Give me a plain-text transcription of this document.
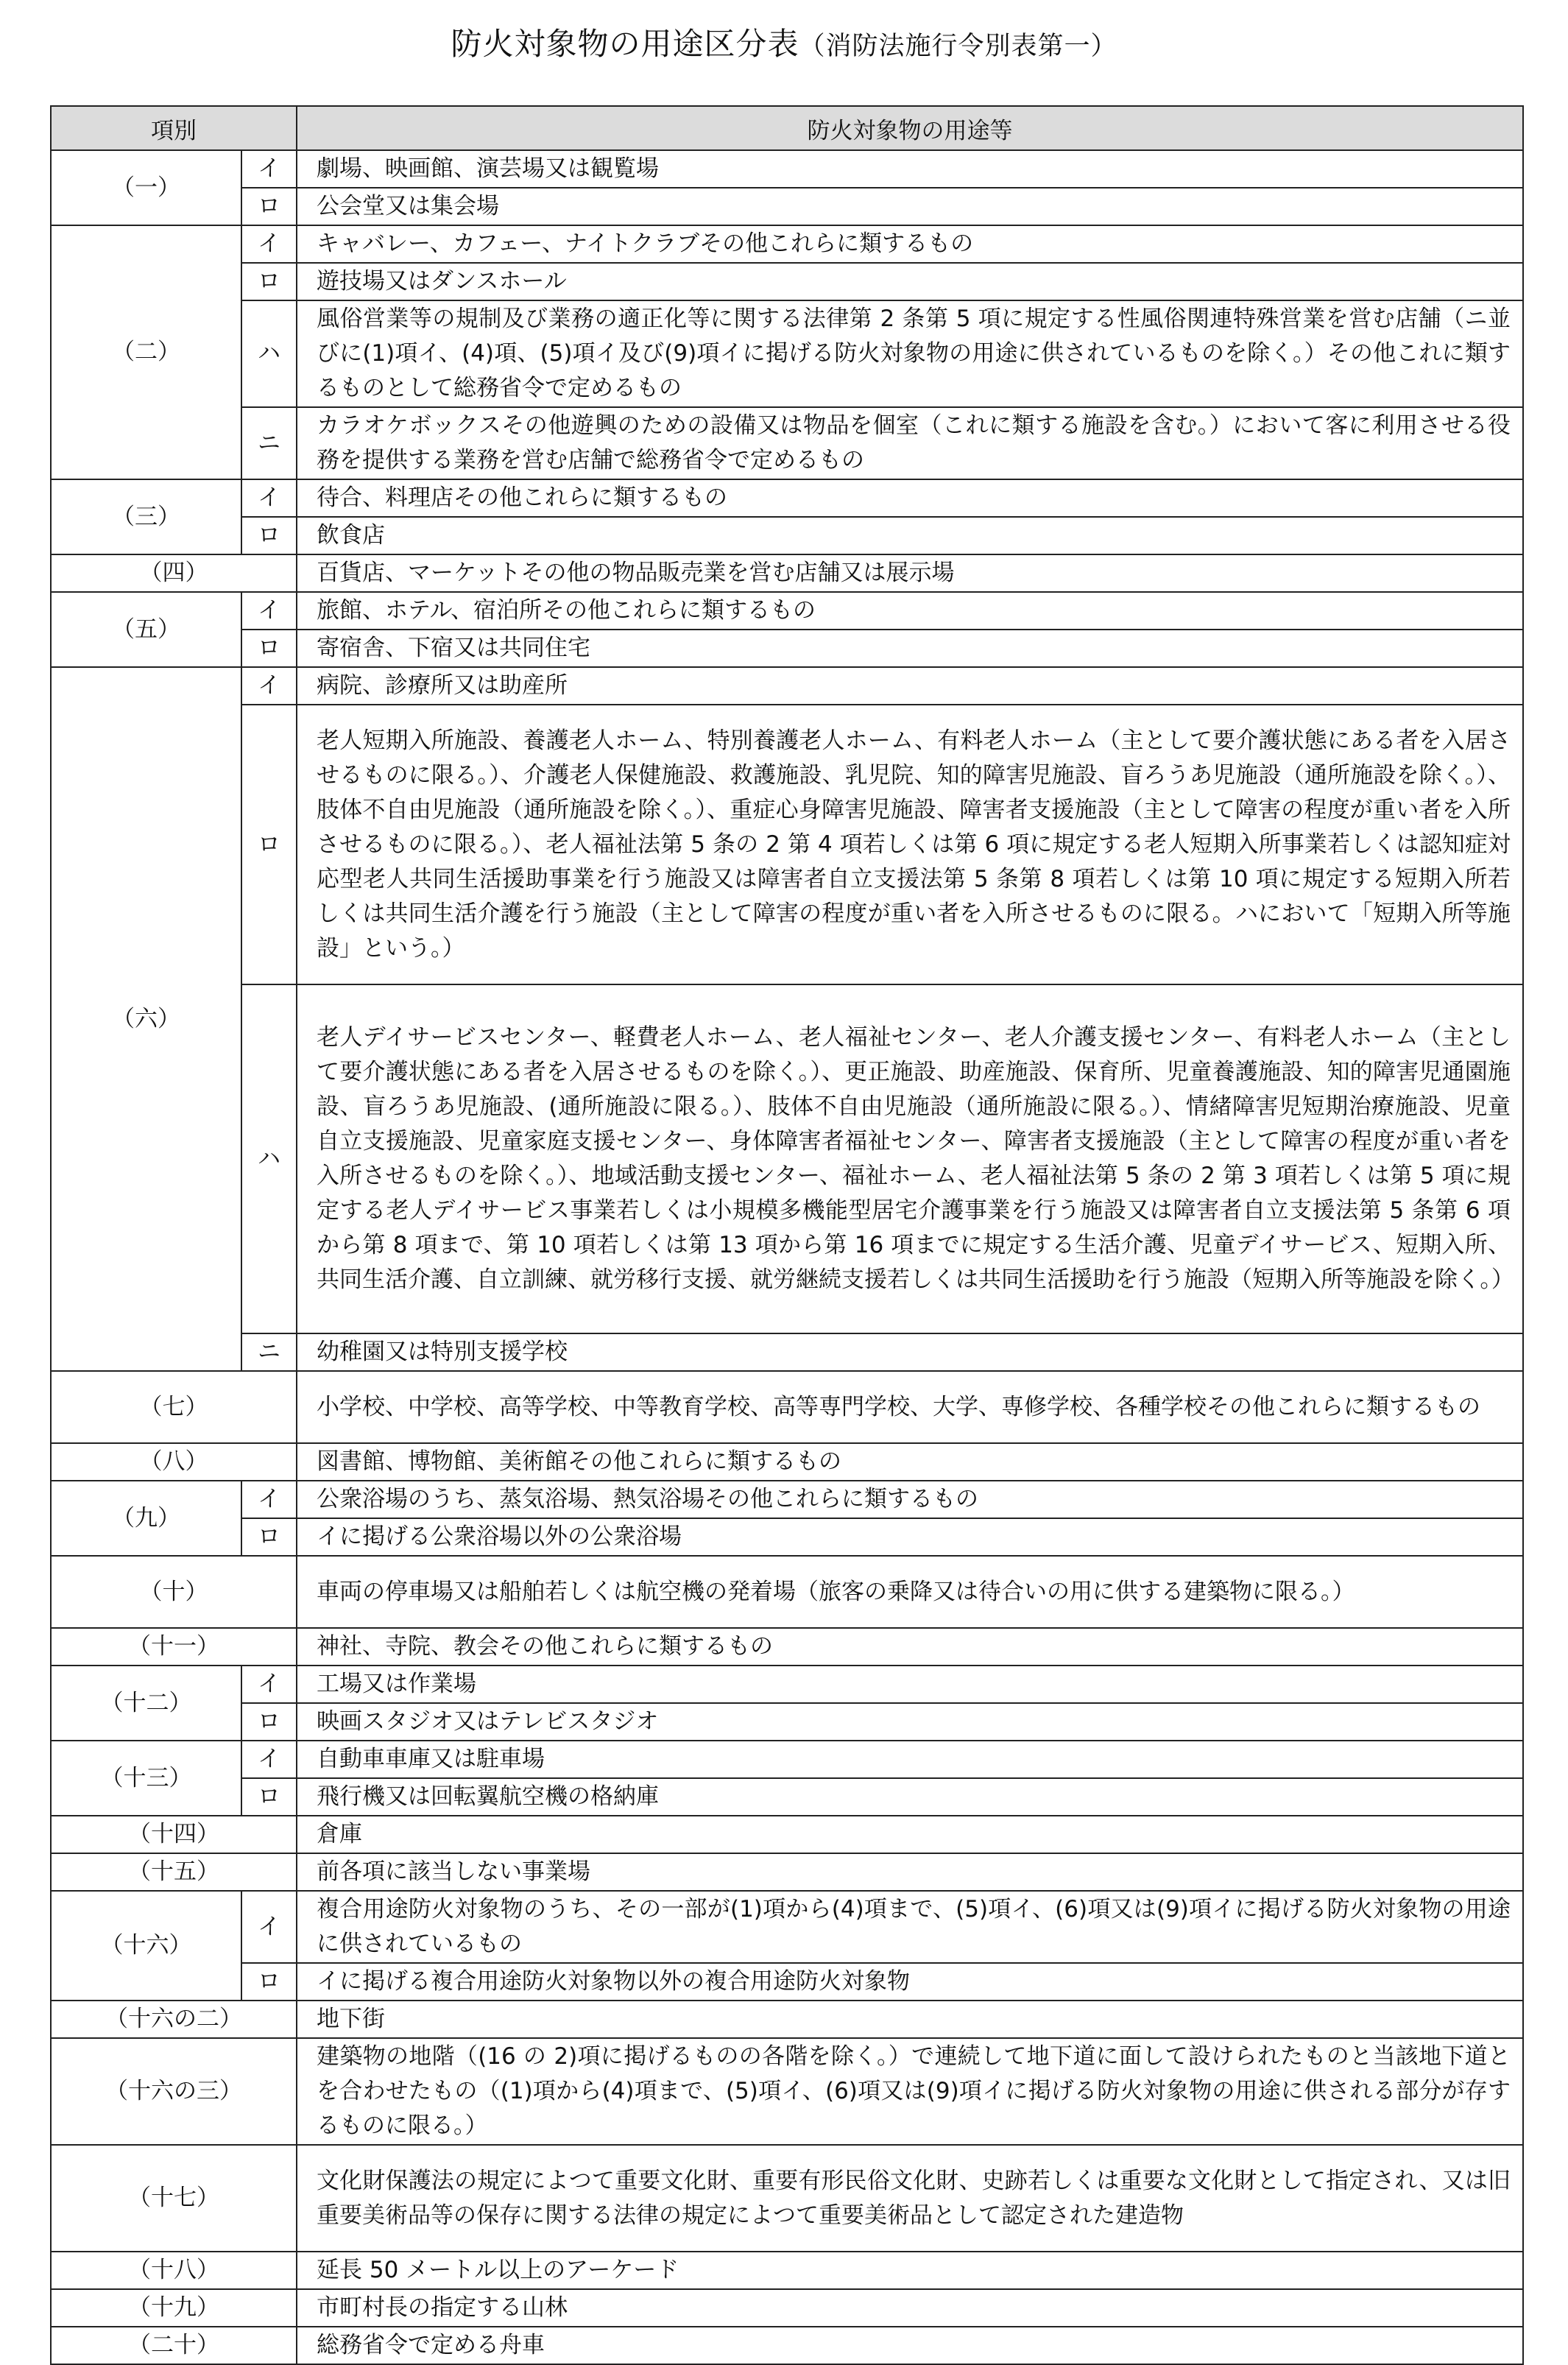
防火対象物の用途区分表（消防法施行令別表第一）
項別		防火対象物の用途等
（一）	イ	劇場、映画館、演芸場又は観覧場
	ロ	公会堂又は集会場
（二）	イ	キャバレー、カフェー、ナイトクラブその他これらに類するもの
	ロ	遊技場又はダンスホール
	ハ	風俗営業等の規制及び業務の適正化等に関する法律第 2 条第 5 項に規定する性風俗関連特殊営業を営む店舗（ニ並びに(1)項イ、(4)項、(5)項イ及び(9)項イに掲げる防火対象物の用途に供されているものを除く。）その他これに類するものとして総務省令で定めるもの
	ニ	カラオケボックスその他遊興のための設備又は物品を個室（これに類する施設を含む。）において客に利用させる役務を提供する業務を営む店舗で総務省令で定めるもの
（三）	イ	待合、料理店その他これらに類するもの
	ロ	飲食店
（四）		百貨店、マーケットその他の物品販売業を営む店舗又は展示場
（五）	イ	旅館、ホテル、宿泊所その他これらに類するもの
	ロ	寄宿舎、下宿又は共同住宅
（六）	イ	病院、診療所又は助産所
	ロ	老人短期入所施設、養護老人ホーム、特別養護老人ホーム、有料老人ホーム（主として要介護状態にある者を入居させるものに限る。）、介護老人保健施設、救護施設、乳児院、知的障害児施設、盲ろうあ児施設（通所施設を除く。）、肢体不自由児施設（通所施設を除く。）、重症心身障害児施設、障害者支援施設（主として障害の程度が重い者を入所させるものに限る。）、老人福祉法第 5 条の 2 第 4 項若しくは第 6 項に規定する老人短期入所事業若しくは認知症対応型老人共同生活援助事業を行う施設又は障害者自立支援法第 5 条第 8 項若しくは第 10 項に規定する短期入所若しくは共同生活介護を行う施設（主として障害の程度が重い者を入所させるものに限る。ハにおいて「短期入所等施設」という。）
	ハ	老人デイサービスセンター、軽費老人ホーム、老人福祉センター、老人介護支援センター、有料老人ホーム（主として要介護状態にある者を入居させるものを除く。）、更正施設、助産施設、保育所、児童養護施設、知的障害児通園施設、盲ろうあ児施設、(通所施設に限る。）、肢体不自由児施設（通所施設に限る。）、情緒障害児短期治療施設、児童自立支援施設、児童家庭支援センター、身体障害者福祉センター、障害者支援施設（主として障害の程度が重い者を入所させるものを除く。）、地域活動支援センター、福祉ホーム、老人福祉法第 5 条の 2 第 3 項若しくは第 5 項に規定する老人デイサービス事業若しくは小規模多機能型居宅介護事業を行う施設又は障害者自立支援法第 5 条第 6 項から第 8 項まで、第 10 項若しくは第 13 項から第 16 項までに規定する生活介護、児童デイサービス、短期入所、共同生活介護、自立訓練、就労移行支援、就労継続支援若しくは共同生活援助を行う施設（短期入所等施設を除く。）
	ニ	幼稚園又は特別支援学校
（七）		小学校、中学校、高等学校、中等教育学校、高等専門学校、大学、専修学校、各種学校その他これらに類するもの
（八）		図書館、博物館、美術館その他これらに類するもの
（九）	イ	公衆浴場のうち、蒸気浴場、熱気浴場その他これらに類するもの
	ロ	イに掲げる公衆浴場以外の公衆浴場
（十）		車両の停車場又は船舶若しくは航空機の発着場（旅客の乗降又は待合いの用に供する建築物に限る。）
（十一）		神社、寺院、教会その他これらに類するもの
（十二）	イ	工場又は作業場
	ロ	映画スタジオ又はテレビスタジオ
（十三）	イ	自動車車庫又は駐車場
	ロ	飛行機又は回転翼航空機の格納庫
（十四）		倉庫
（十五）		前各項に該当しない事業場
（十六）	イ	複合用途防火対象物のうち、その一部が(1)項から(4)項まで、(5)項イ、(6)項又は(9)項イに掲げる防火対象物の用途に供されているもの
	ロ	イに掲げる複合用途防火対象物以外の複合用途防火対象物
（十六の二）		地下街
（十六の三）		建築物の地階（(16 の 2)項に掲げるものの各階を除く。）で連続して地下道に面して設けられたものと当該地下道とを合わせたもの（(1)項から(4)項まで、(5)項イ、(6)項又は(9)項イに掲げる防火対象物の用途に供される部分が存するものに限る。）
（十七）		文化財保護法の規定によつて重要文化財、重要有形民俗文化財、史跡若しくは重要な文化財として指定され、又は旧重要美術品等の保存に関する法律の規定によつて重要美術品として認定された建造物
（十八）		延長 50 メートル以上のアーケード
（十九）		市町村長の指定する山林
（二十）		総務省令で定める舟車
